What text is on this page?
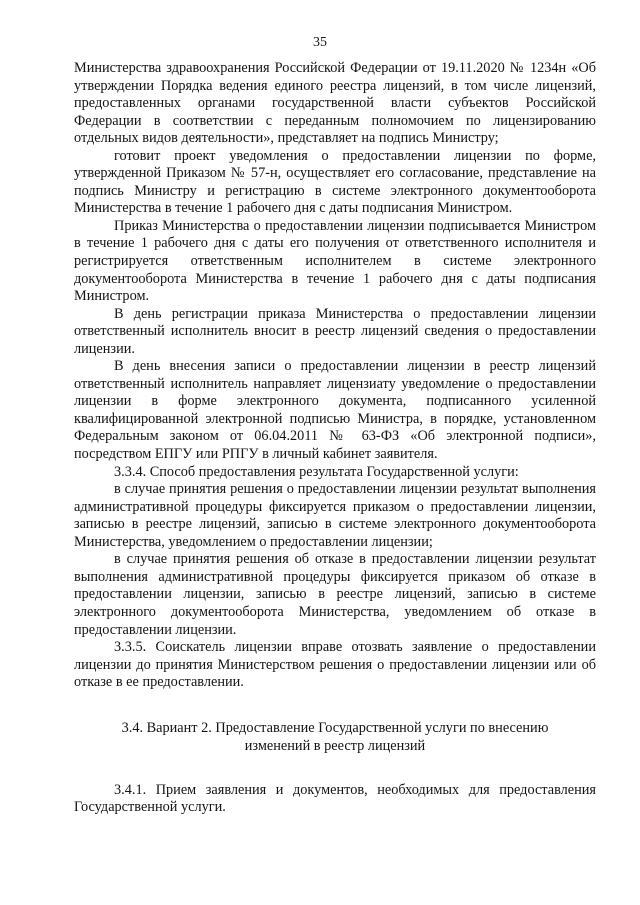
35

Министерства здравоохранения Российской Федерации от 19.11.2020 № 1234н «Об утверждении Порядка ведения единого реестра лицензий, в том числе лицензий, предоставленных органами государственной власти субъектов Российской Федерации в соответствии с переданным полномочием по лицензированию отдельных видов деятельности», представляет на подпись Министру;

готовит проект уведомления о предоставлении лицензии по форме, утвержденной Приказом № 57-н, осуществляет его согласование, представление на подпись Министру и регистрацию в системе электронного документооборота Министерства в течение 1 рабочего дня с даты подписания Министром.

Приказ Министерства о предоставлении лицензии подписывается Министром в течение 1 рабочего дня с даты его получения от ответственного исполнителя и регистрируется ответственным исполнителем в системе электронного документооборота Министерства в течение 1 рабочего дня с даты подписания Министром.

В день регистрации приказа Министерства о предоставлении лицензии ответственный исполнитель вносит в реестр лицензий сведения о предоставлении лицензии.

В день внесения записи о предоставлении лицензии в реестр лицензий ответственный исполнитель направляет лицензиату уведомление о предоставлении лицензии в форме электронного документа, подписанного усиленной квалифицированной электронной подписью Министра, в порядке, установленном Федеральным законом от 06.04.2011 № 63-ФЗ «Об электронной подписи», посредством ЕПГУ или РПГУ в личный кабинет заявителя.

3.3.4. Способ предоставления результата Государственной услуги:

в случае принятия решения о предоставлении лицензии результат выполнения административной процедуры фиксируется приказом о предоставлении лицензии, записью в реестре лицензий, записью в системе электронного документооборота Министерства, уведомлением о предоставлении лицензии;

в случае принятия решения об отказе в предоставлении лицензии результат выполнения административной процедуры фиксируется приказом об отказе в предоставлении лицензии, записью в реестре лицензий, записью в системе электронного документооборота Министерства, уведомлением об отказе в предоставлении лицензии.

3.3.5. Соискатель лицензии вправе отозвать заявление о предоставлении лицензии до принятия Министерством решения о предоставлении лицензии или об отказе в ее предоставлении.

3.4. Вариант 2. Предоставление Государственной услуги по внесению изменений в реестр лицензий

3.4.1. Прием заявления и документов, необходимых для предоставления Государственной услуги.
